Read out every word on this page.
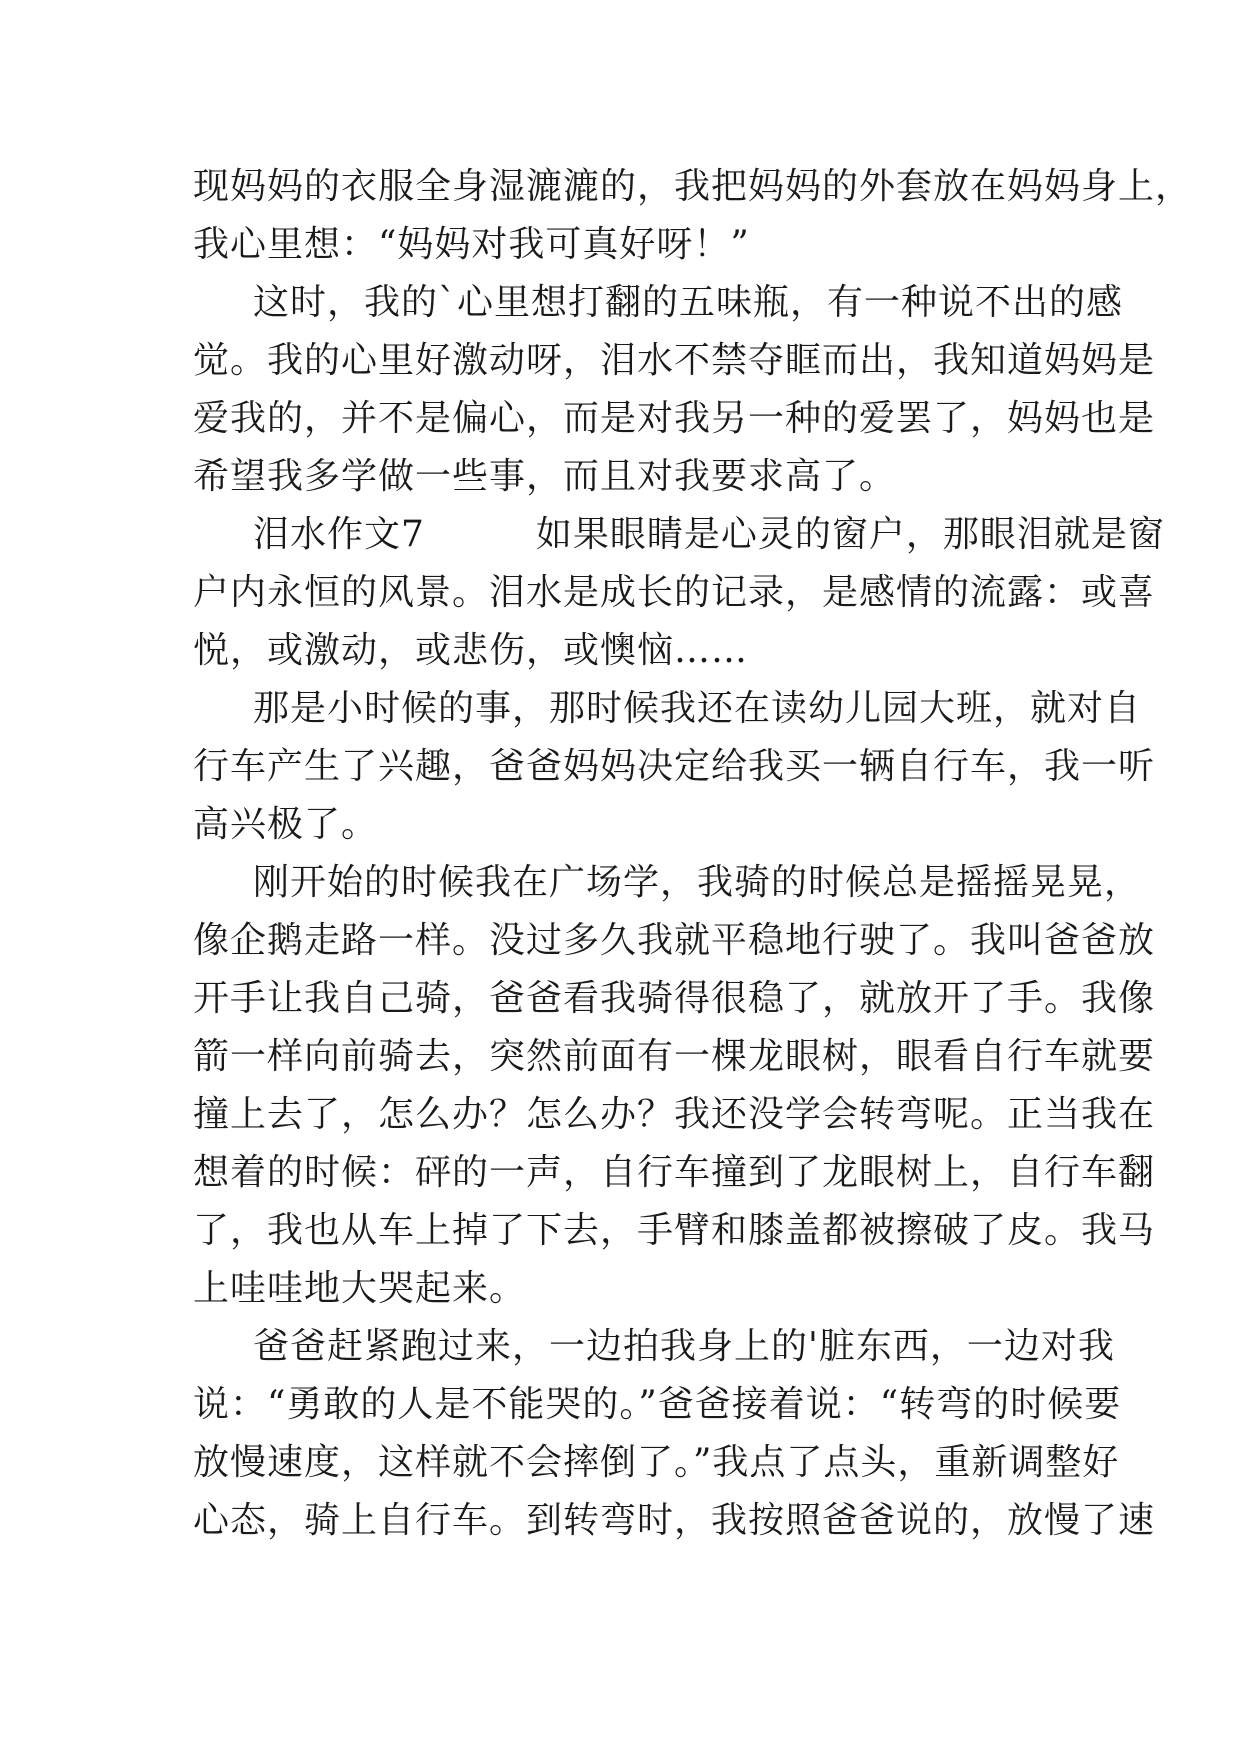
现妈妈的衣服全身湿漉漉的，我把妈妈的外套放在妈妈身上，
我心里想：“妈妈对我可真好呀！”
这时，我的`心里想打翻的五味瓶，有一种说不出的感
觉。我的心里好激动呀，泪水不禁夺眶而出，我知道妈妈是
爱我的，并不是偏心，而是对我另一种的爱罢了，妈妈也是
希望我多学做一些事，而且对我要求高了。
泪水作文7　　　如果眼睛是心灵的窗户，那眼泪就是窗
户内永恒的风景。泪水是成长的记录，是感情的流露：或喜
悦，或激动，或悲伤，或懊恼……
那是小时候的事，那时候我还在读幼儿园大班，就对自
行车产生了兴趣，爸爸妈妈决定给我买一辆自行车，我一听
高兴极了。
刚开始的时候我在广场学，我骑的时候总是摇摇晃晃，
像企鹅走路一样。没过多久我就平稳地行驶了。我叫爸爸放
开手让我自己骑，爸爸看我骑得很稳了，就放开了手。我像
箭一样向前骑去，突然前面有一棵龙眼树，眼看自行车就要
撞上去了，怎么办？怎么办？我还没学会转弯呢。正当我在
想着的时候：砰的一声，自行车撞到了龙眼树上，自行车翻
了，我也从车上掉了下去，手臂和膝盖都被擦破了皮。我马
上哇哇地大哭起来。
爸爸赶紧跑过来，一边拍我身上的'脏东西，一边对我
说：“勇敢的人是不能哭的。”爸爸接着说：“转弯的时候要
放慢速度，这样就不会摔倒了。”我点了点头，重新调整好
心态，骑上自行车。到转弯时，我按照爸爸说的，放慢了速
